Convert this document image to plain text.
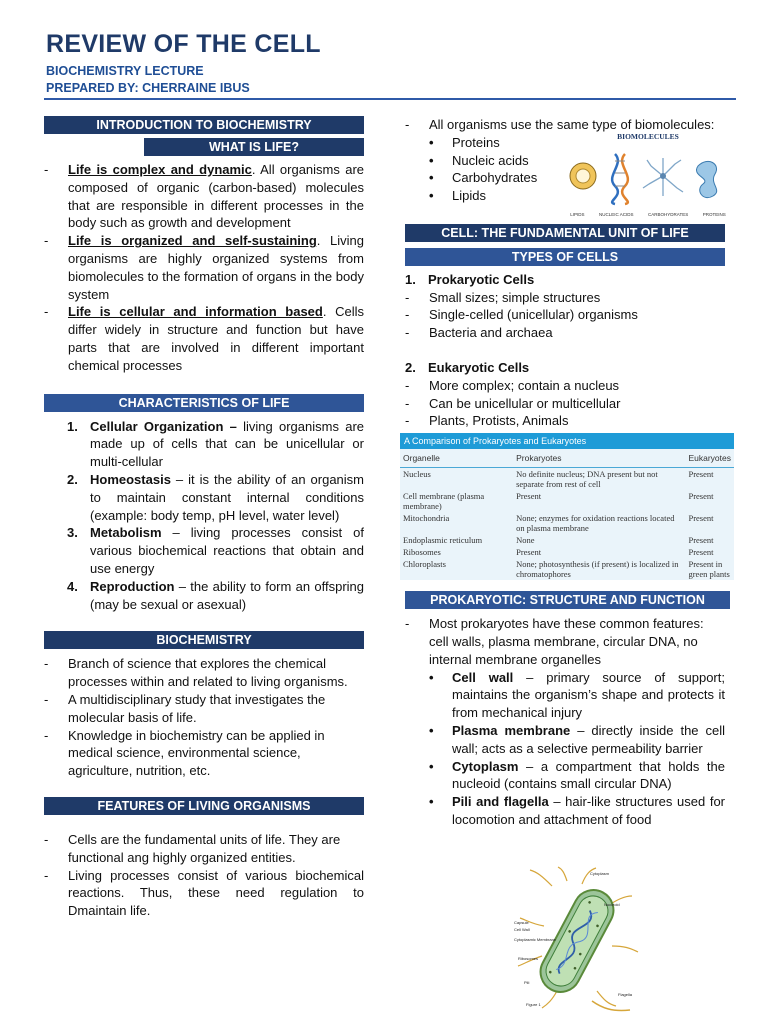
REVIEW OF THE CELL
BIOCHEMISTRY LECTURE
PREPARED BY: CHERRAINE IBUS
INTRODUCTION TO BIOCHEMISTRY
WHAT IS LIFE?
-	Life is complex and dynamic. All organisms are composed of organic (carbon-based) molecules that are responsible in different processes in the body such as growth and development
-	Life is organized and self-sustaining. Living organisms are highly organized systems from biomolecules to the formation of organs in the body system
-	Life is cellular and information based. Cells differ widely in structure and function but have parts that are involved in different important chemical processes
CHARACTERISTICS OF LIFE
1. Cellular Organization – living organisms are made up of cells that can be unicellular or multi-cellular
2. Homeostasis – it is the ability of an organism to maintain constant internal conditions (example: body temp, pH level, water level)
3. Metabolism – living processes consist of various biochemical reactions that obtain and use energy
4. Reproduction – the ability to form an offspring (may be sexual or asexual)
BIOCHEMISTRY
-	Branch of science that explores the chemical processes within and related to living organisms.
-	A multidisciplinary study that investigates the molecular basis of life.
-	Knowledge in biochemistry can be applied in medical science, environmental science, agriculture, nutrition, etc.
FEATURES OF LIVING ORGANISMS
-	Cells are the fundamental units of life. They are functional ang highly organized entities.
-	Living processes consist of various biochemical reactions. Thus, these need regulation to Dmaintain life.
-	All organisms use the same type of biomolecules:
•	Proteins
•	Nucleic acids
•	Carbohydrates
•	Lipids
BIOMOLECULES
LIPIDS	NUCLEIC ACIDS	CARBOHYDRATES	PROTEINS
CELL: THE FUNDAMENTAL UNIT OF LIFE
TYPES OF CELLS
1. Prokaryotic Cells
-	Small sizes; simple structures
-	Single-celled (unicellular) organisms
-	Bacteria and archaea
2. Eukaryotic Cells
-	More complex; contain a nucleus
-	Can be unicellular or multicellular
-	Plants, Protists, Animals
A Comparison of Prokaryotes and Eukaryotes
Organelle	Prokaryotes	Eukaryotes
Nucleus	No definite nucleus; DNA present but not separate from rest of cell	Present
Cell membrane (plasma membrane)	Present	Present
Mitochondria	None; enzymes for oxidation reactions located on plasma membrane	Present
Endoplasmic reticulum	None	Present
Ribosomes	Present	Present
Chloroplasts	None; photosynthesis (if present) is localized in chromatophores	Present in green plants
PROKARYOTIC: STRUCTURE AND FUNCTION
-	Most prokaryotes have these common features: cell walls, plasma membrane, circular DNA, no internal membrane organelles
•	Cell wall – primary source of support; maintains the organism’s shape and protects it from mechanical injury
•	Plasma membrane – directly inside the cell wall; acts as a selective permeability barrier
•	Cytoplasm – a compartment that holds the nucleoid (contains small circular DNA)
•	Pili and flagella – hair-like structures used for locomotion and attachment of food
Cytoplasm
Nucleoid
Capsule
Cell Wall
Cytoplasmic Membrane
Ribosomes
Pili
Flagella
Figure 1
